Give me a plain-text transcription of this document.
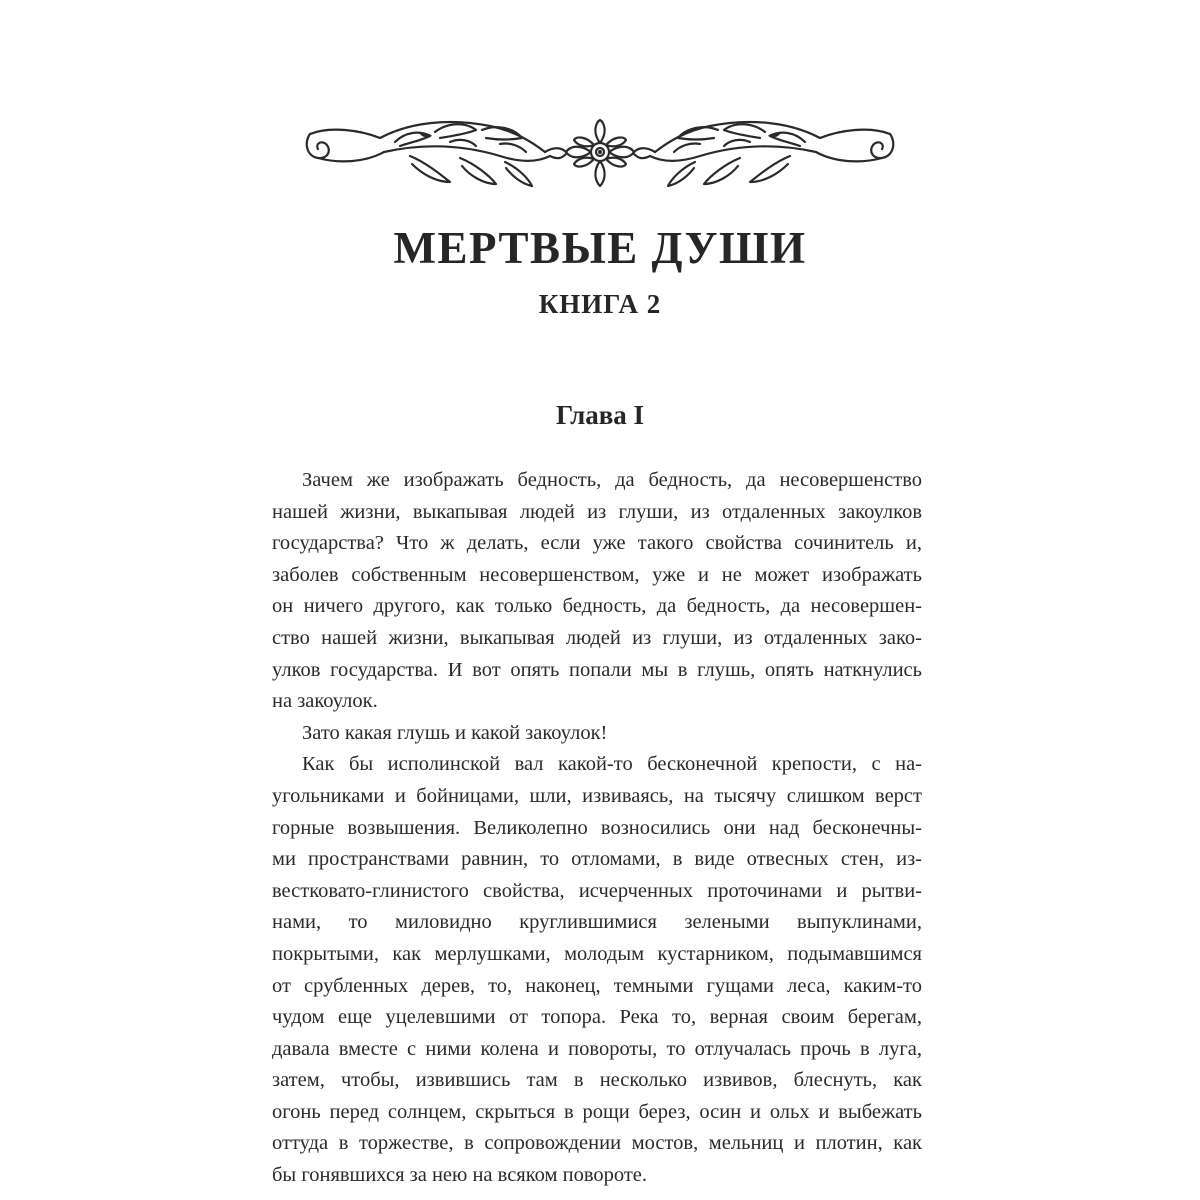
МЕРТВЫЕ ДУШИ
КНИГА 2
Глава I
Зачем же изображать бедность, да бедность, да несовершенство
нашей жизни, выкапывая людей из глуши, из отдаленных закоулков
государства? Что ж делать, если уже такого свойства сочинитель и,
заболев собственным несовершенством, уже и не может изображать
он ничего другого, как только бедность, да бедность, да несовершен-
ство нашей жизни, выкапывая людей из глуши, из отдаленных зако-
улков государства. И вот опять попали мы в глушь, опять наткнулись
на закоулок.
Зато какая глушь и какой закоулок!
Как бы исполинской вал какой-то бесконечной крепости, с на-
угольниками и бойницами, шли, извиваясь, на тысячу слишком верст
горные возвышения. Великолепно возносились они над бесконечны-
ми пространствами равнин, то отломами, в виде отвесных стен, из-
вестковато-глинистого свойства, исчерченных проточинами и рытви-
нами, то миловидно круглившимися зелеными выпуклинами,
покрытыми, как мерлушками, молодым кустарником, подымавшимся
от срубленных дерев, то, наконец, темными гущами леса, каким-то
чудом еще уцелевшими от топора. Река то, верная своим берегам,
давала вместе с ними колена и повороты, то отлучалась прочь в луга,
затем, чтобы, извившись там в несколько извивов, блеснуть, как
огонь перед солнцем, скрыться в рощи берез, осин и ольх и выбежать
оттуда в торжестве, в сопровождении мостов, мельниц и плотин, как
бы гонявшихся за нею на всяком повороте.
